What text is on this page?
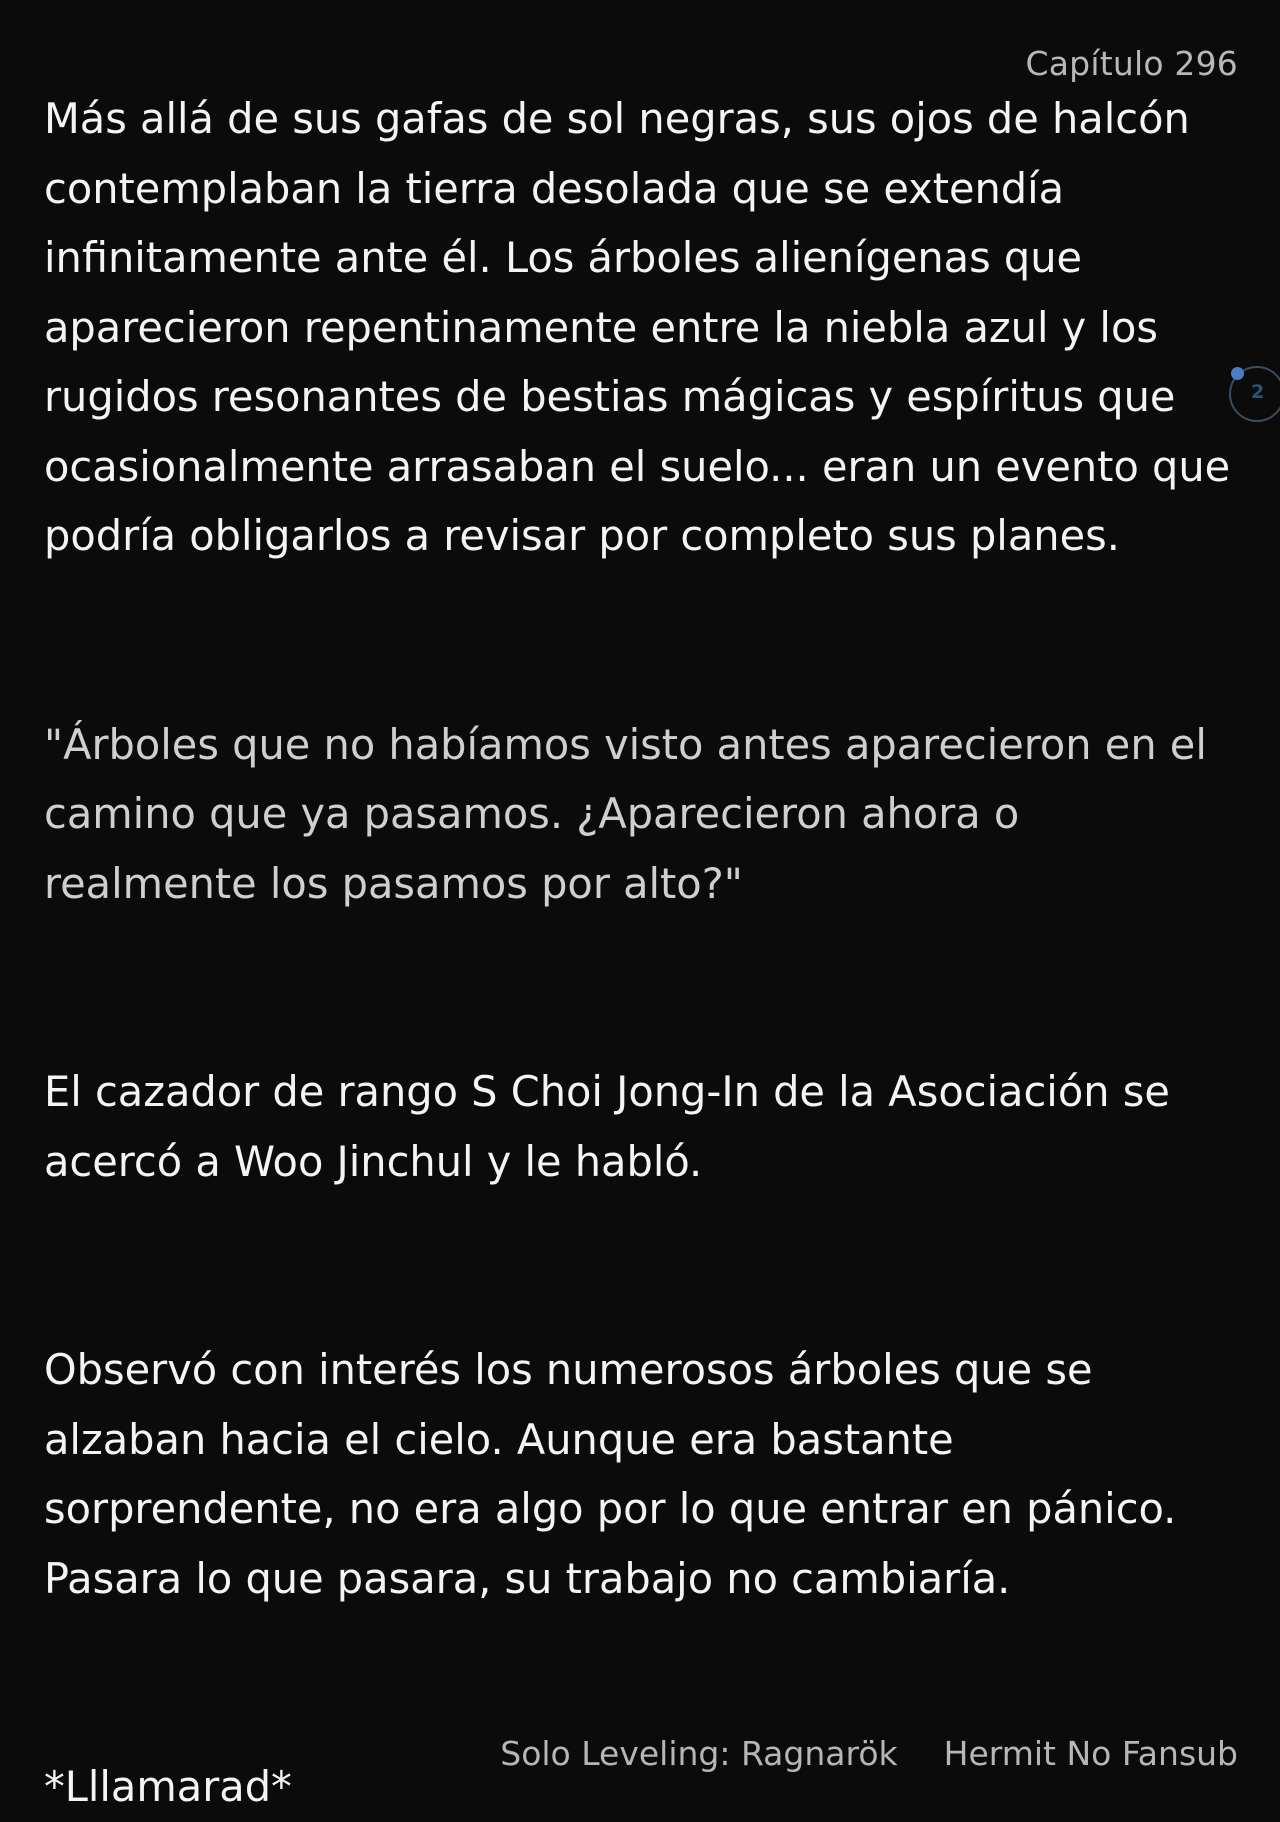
Capítulo 296

Más allá de sus gafas de sol negras, sus ojos de halcón
contemplaban la tierra desolada que se extendía
infinitamente ante él. Los árboles alienígenas que
aparecieron repentinamente entre la niebla azul y los
rugidos resonantes de bestias mágicas y espíritus que
ocasionalmente arrasaban el suelo... eran un evento que
podría obligarlos a revisar por completo sus planes.

"Árboles que no habíamos visto antes aparecieron en el
camino que ya pasamos. ¿Aparecieron ahora o
realmente los pasamos por alto?"

El cazador de rango S Choi Jong-In de la Asociación se
acercó a Woo Jinchul y le habló.

Observó con interés los numerosos árboles que se
alzaban hacia el cielo. Aunque era bastante
sorprendente, no era algo por lo que entrar en pánico.
Pasara lo que pasara, su trabajo no cambiaría.

*Lllamarad*

2
Solo Leveling: Ragnarök Hermit No Fansub
